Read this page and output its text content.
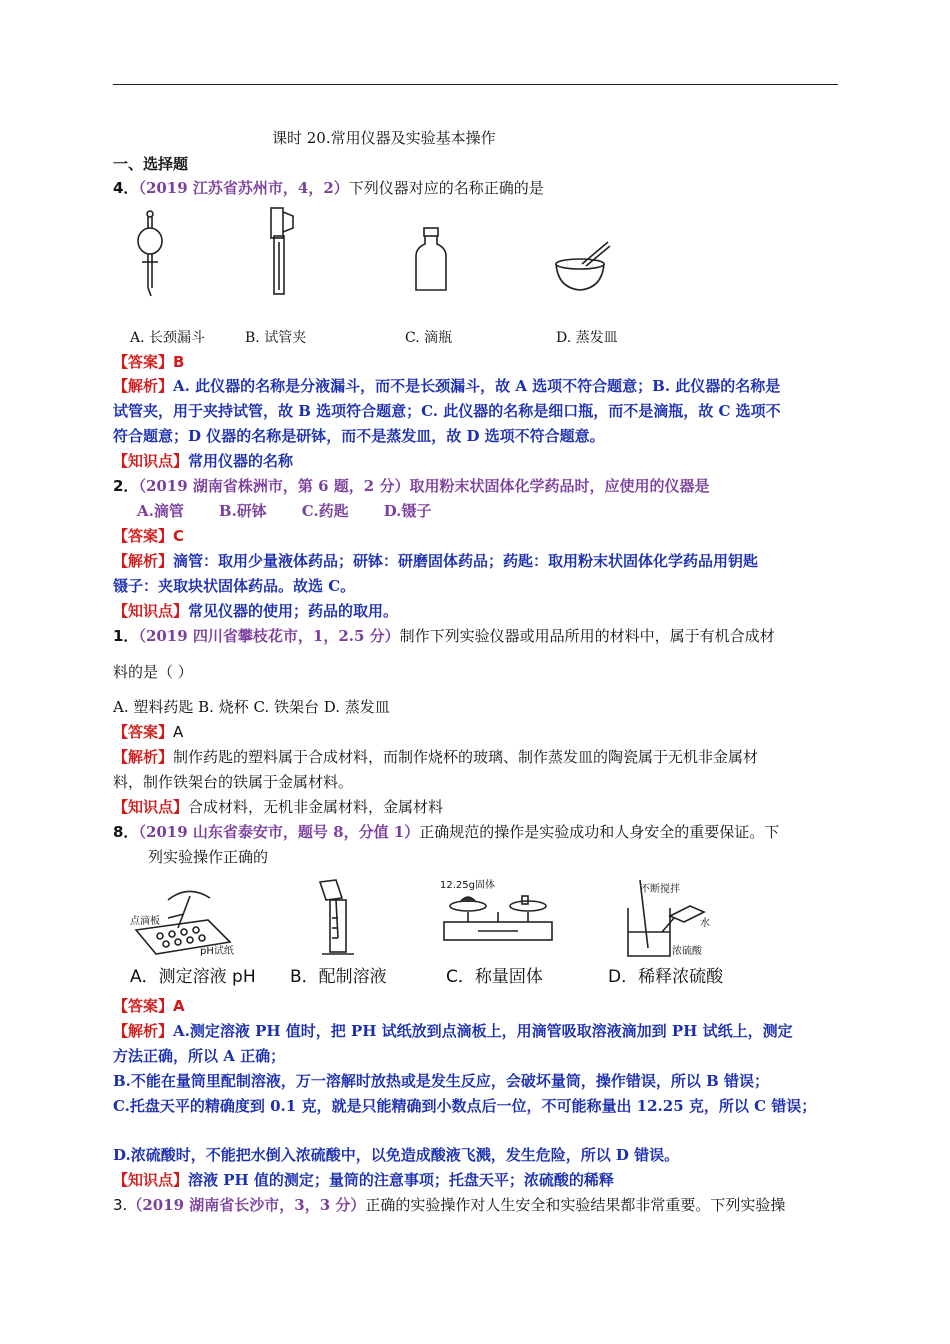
课时 20.常用仪器及实验基本操作
一、选择题
4．（2019 江苏省苏州市，4，2）下列仪器对应的名称正确的是
A. 长颈漏斗	B. 试管夹	C. 滴瓶	D. 蒸发皿
【答案】B
【解析】A. 此仪器的名称是分液漏斗，而不是长颈漏斗，故 A 选项不符合题意；B. 此仪器的名称是
试管夹，用于夹持试管，故 B 选项符合题意；C. 此仪器的名称是细口瓶，而不是滴瓶，故 C 选项不
符合题意；D 仪器的名称是研钵，而不是蒸发皿，故 D 选项不符合题意。
【知识点】常用仪器的名称
2．（2019 湖南省株洲市，第 6 题，2 分）取用粉末状固体化学药品时，应使用的仪器是
A.滴管 B.研钵 C.药匙 D.镊子
【答案】C
【解析】滴管：取用少量液体药品；研钵：研磨固体药品；药匙：取用粉末状固体化学药品用钥匙
镊子：夹取块状固体药品。故选 C。
【知识点】常见仪器的使用；药品的取用。
1．（2019 四川省攀枝花市，1，2.5 分）制作下列实验仪器或用品所用的材料中，属于有机合成材
料的是（ ）
A. 塑料药匙 B. 烧杯 C. 铁架台 D. 蒸发皿
【答案】A
【解析】制作药匙的塑料属于合成材料，而制作烧杯的玻璃、制作蒸发皿的陶瓷属于无机非金属材
料，制作铁架台的铁属于金属材料。
【知识点】合成材料，无机非金属材料，金属材料
8．（2019 山东省泰安市，题号 8，分值 1）正确规范的操作是实验成功和人身安全的重要保证。下
列实验操作正确的
点滴板
pH试纸
12.25g固体	不断搅拌
水
浓硫酸
A．测定溶液 pH B．配制溶液	C．称量固体	D．稀释浓硫酸
【答案】A
【解析】A.测定溶液 PH 值时，把 PH 试纸放到点滴板上，用滴管吸取溶液滴加到 PH 试纸上，测定
方法正确，所以 A 正确；
B.不能在量筒里配制溶液，万一溶解时放热或是发生反应，会破坏量筒，操作错误，所以 B 错误；
C.托盘天平的精确度到 0.1 克，就是只能精确到小数点后一位，不可能称量出 12.25 克，所以 C 错误；
D.浓硫酸时，不能把水倒入浓硫酸中，以免造成酸液飞溅，发生危险，所以 D 错误。
【知识点】溶液 PH 值的测定；量筒的注意事项；托盘天平；浓硫酸的稀释
3.（2019 湖南省长沙市，3，3 分）正确的实验操作对人生安全和实验结果都非常重要。下列实验操
